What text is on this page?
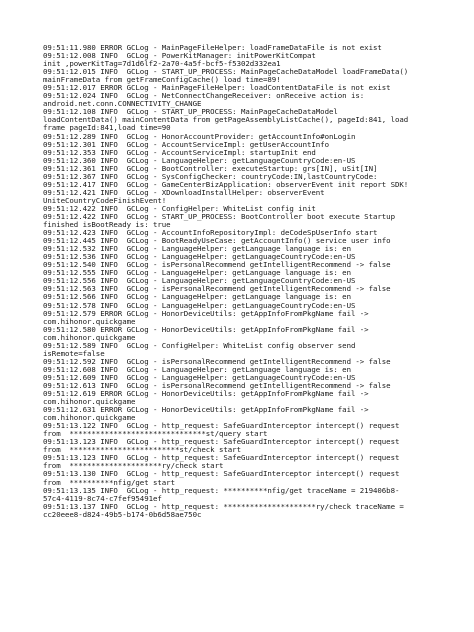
09:51:11.980 ERROR GCLog - MainPageFileHelper: loadFrameDataFile is not exist
09:51:12.008 INFO  GCLog - PowerKitManager: initPowerKitCompat
init ,powerKitTag=7d1d6lf2-2a70-4a5f-bcf5-f5302d332ea1
09:51:12.015 INFO  GCLog - START_UP_PROCESS: MainPageCacheDataModel loadFrameData()
mainFrameData from getFrameConfigCache() load time=89!
09:51:12.017 ERROR GCLog - MainPageFileHelper: loadContentDataFile is not exist
09:51:12.024 INFO  GCLog - NetConnectChangeReceiver: onReceive action is:
android.net.conn.CONNECTIVITY_CHANGE
09:51:12.108 INFO  GCLog - START_UP_PROCESS: MainPageCacheDataModel
loadContentData() mainContentData from getPageAssemblyListCache(), pageId:841, load
frame pageId:841,load time=90
09:51:12.289 INFO  GCLog - HonorAccountProvider: getAccountInfo#onLogin
09:51:12.301 INFO  GCLog - AccountServiceImpl: getUserAccountInfo
09:51:12.353 INFO  GCLog - AccountServiceImpl: startupInit end
09:51:12.360 INFO  GCLog - LanguageHelper: getLanguageCountryCode:en-US
09:51:12.361 INFO  GCLog - BootController: executeStartup: grs[IN], uSit[IN]
09:51:12.367 INFO  GCLog - SysConfigChecker: countryCode:IN,lastCountryCode:
09:51:12.417 INFO  GCLog - GameCenterBizApplication: observerEvent init report SDK!
09:51:12.421 INFO  GCLog - XDownloadInstallHelper: observerEvent
UniteCountryCodeFinishEvent!
09:51:12.422 INFO  GCLog - ConfigHelper: WhiteList config init
09:51:12.422 INFO  GCLog - START_UP_PROCESS: BootController boot execute Startup
finished isBootReady is: true
09:51:12.423 INFO  GCLog - AccountInfoRepositoryImpl: deCodeSpUserInfo start
09:51:12.445 INFO  GCLog - BootReadyUseCase: getAccountInfo() service user info
09:51:12.532 INFO  GCLog - LanguageHelper: getLanguage language is: en
09:51:12.536 INFO  GCLog - LanguageHelper: getLanguageCountryCode:en-US
09:51:12.540 INFO  GCLog - isPersonalRecommend getIntelligentRecommend -> false
09:51:12.555 INFO  GCLog - LanguageHelper: getLanguage language is: en
09:51:12.556 INFO  GCLog - LanguageHelper: getLanguageCountryCode:en-US
09:51:12.563 INFO  GCLog - isPersonalRecommend getIntelligentRecommend -> false
09:51:12.566 INFO  GCLog - LanguageHelper: getLanguage language is: en
09:51:12.578 INFO  GCLog - LanguageHelper: getLanguageCountryCode:en-US
09:51:12.579 ERROR GCLog - HonorDeviceUtils: getAppInfoFromPkgName fail ->
com.hihonor.quickgame
09:51:12.580 ERROR GCLog - HonorDeviceUtils: getAppInfoFromPkgName fail ->
com.hihonor.quickgame
09:51:12.589 INFO  GCLog - ConfigHelper: WhiteList config observer send
isRemote=false
09:51:12.592 INFO  GCLog - isPersonalRecommend getIntelligentRecommend -> false
09:51:12.608 INFO  GCLog - LanguageHelper: getLanguage language is: en
09:51:12.609 INFO  GCLog - LanguageHelper: getLanguageCountryCode:en-US
09:51:12.613 INFO  GCLog - isPersonalRecommend getIntelligentRecommend -> false
09:51:12.619 ERROR GCLog - HonorDeviceUtils: getAppInfoFromPkgName fail ->
com.hihonor.quickgame
09:51:12.631 ERROR GCLog - HonorDeviceUtils: getAppInfoFromPkgName fail ->
com.hihonor.quickgame
09:51:13.122 INFO  GCLog - http_request: SafeGuardInterceptor intercept() request
from  *******************************st/query start
09:51:13.123 INFO  GCLog - http_request: SafeGuardInterceptor intercept() request
from  *************************st/check start
09:51:13.123 INFO  GCLog - http_request: SafeGuardInterceptor intercept() request
from  *********************ry/check start
09:51:13.130 INFO  GCLog - http_request: SafeGuardInterceptor intercept() request
from  **********nfig/get start
09:51:13.135 INFO  GCLog - http_request: **********nfig/get traceName = 219406b8-
57c4-4119-8c74-c7fef95491ef
09:51:13.137 INFO  GCLog - http_request: *********************ry/check traceName =
cc20eee8-d824-49b5-b174-0b6d58ae750c
